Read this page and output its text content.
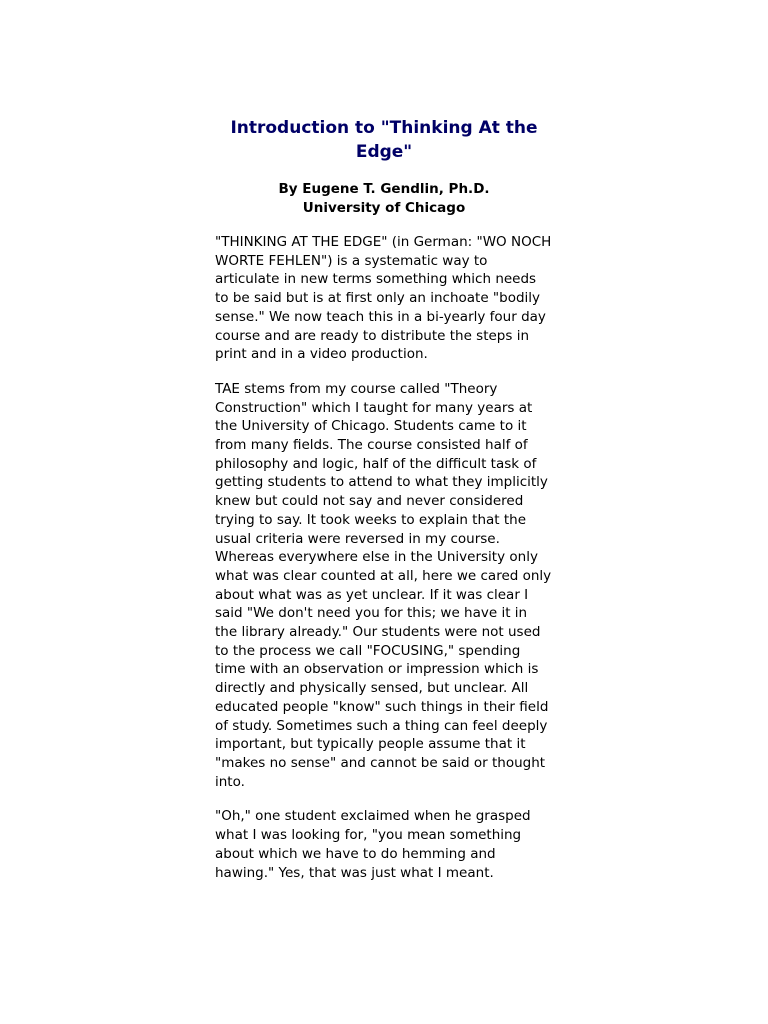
Introduction to "Thinking At the Edge"

By Eugene T. Gendlin, Ph.D.
University of Chicago

"THINKING AT THE EDGE" (in German: "WO NOCH WORTE FEHLEN") is a systematic way to articulate in new terms something which needs to be said but is at first only an inchoate "bodily sense." We now teach this in a bi-yearly four day course and are ready to distribute the steps in print and in a video production.

TAE stems from my course called "Theory Construction" which I taught for many years at the University of Chicago. Students came to it from many fields. The course consisted half of philosophy and logic, half of the difficult task of getting students to attend to what they implicitly knew but could not say and never considered trying to say. It took weeks to explain that the usual criteria were reversed in my course. Whereas everywhere else in the University only what was clear counted at all, here we cared only about what was as yet unclear. If it was clear I said "We don't need you for this; we have it in the library already." Our students were not used to the process we call "FOCUSING," spending time with an observation or impression which is directly and physically sensed, but unclear. All educated people "know" such things in their field of study. Sometimes such a thing can feel deeply important, but typically people assume that it "makes no sense" and cannot be said or thought into.

"Oh," one student exclaimed when he grasped what I was looking for, "you mean something about which we have to do hemming and hawing." Yes, that was just what I meant.
